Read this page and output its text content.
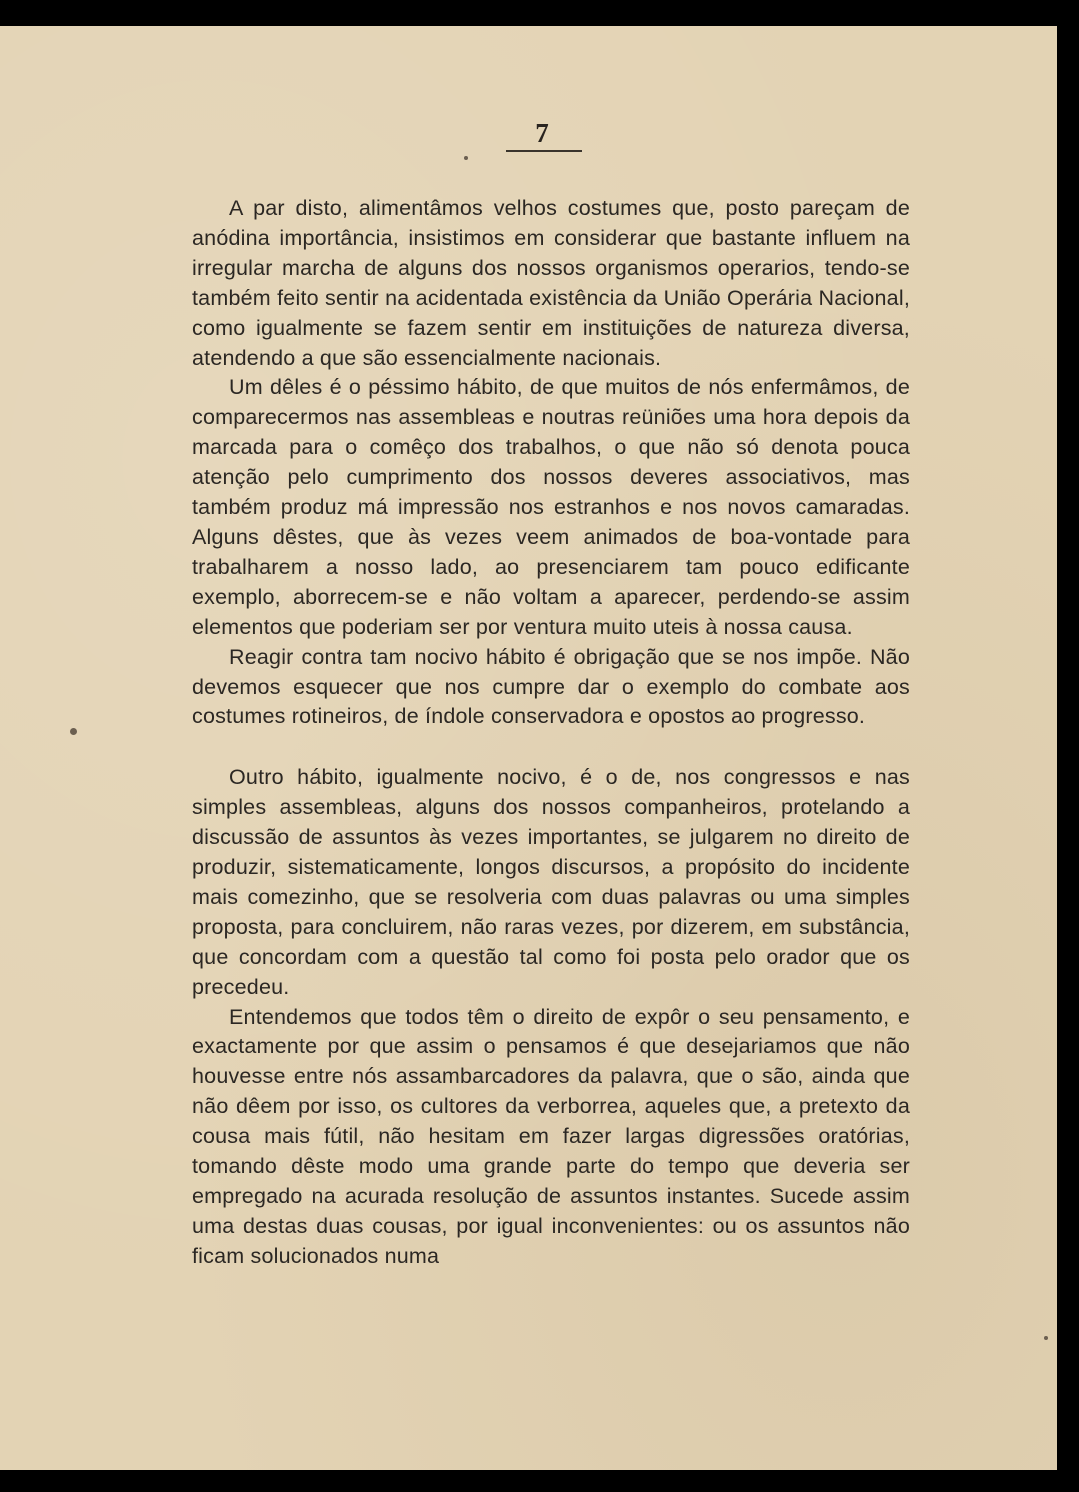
7

A par disto, alimentâmos velhos costumes que, posto pareçam de anódina importância, insistimos em considerar que bastante influem na irregular marcha de alguns dos nossos organismos operarios, tendo-se também feito sentir na acidentada existência da União Operária Nacional, como igualmente se fazem sentir em instituições de natureza diversa, atendendo a que são essencialmente nacionais.

Um dêles é o péssimo hábito, de que muitos de nós enfermâmos, de comparecermos nas assembleas e noutras reüniões uma hora depois da marcada para o comêço dos trabalhos, o que não só denota pouca atenção pelo cumprimento dos nossos deveres associativos, mas também produz má impressão nos estranhos e nos novos camaradas. Alguns dêstes, que às vezes veem animados de boa-vontade para trabalharem a nosso lado, ao presenciarem tam pouco edificante exemplo, aborrecem-se e não voltam a aparecer, perdendo-se assim elementos que poderiam ser por ventura muito uteis à nossa causa.

Reagir contra tam nocivo hábito é obrigação que se nos impõe. Não devemos esquecer que nos cumpre dar o exemplo do combate aos costumes rotineiros, de índole conservadora e opostos ao progresso.

Outro hábito, igualmente nocivo, é o de, nos congressos e nas simples assembleas, alguns dos nossos companheiros, protelando a discussão de assuntos às vezes importantes, se julgarem no direito de produzir, sistematicamente, longos discursos, a propósito do incidente mais comezinho, que se resolveria com duas palavras ou uma simples proposta, para concluirem, não raras vezes, por dizerem, em substância, que concordam com a questão tal como foi posta pelo orador que os precedeu.

Entendemos que todos têm o direito de expôr o seu pensamento, e exactamente por que assim o pensamos é que desejariamos que não houvesse entre nós assambarcadores da palavra, que o são, ainda que não dêem por isso, os cultores da verborrea, aqueles que, a pretexto da cousa mais fútil, não hesitam em fazer largas digressões oratórias, tomando dêste modo uma grande parte do tempo que deveria ser empregado na acurada resolução de assuntos instantes. Sucede assim uma destas duas cousas, por igual inconvenientes: ou os assuntos não ficam solucionados numa
